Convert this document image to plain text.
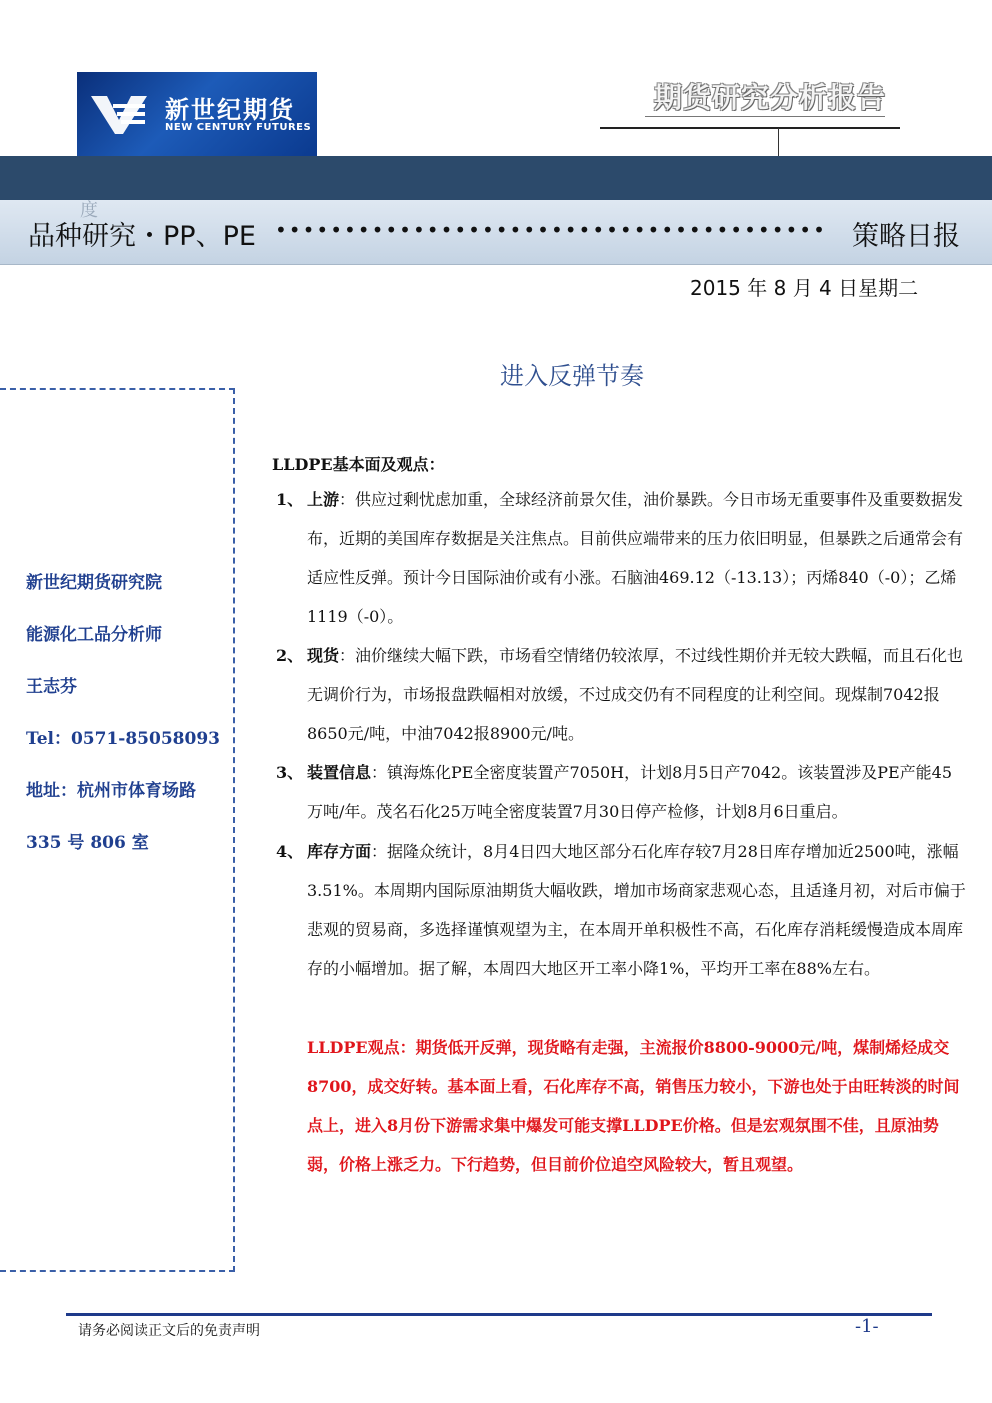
新世纪期货
NEW CENTURY FUTURES
期货研究分析报告
度
品种研究・PP、PE •••••••••••••••••••••••••••••••••••••••• 策略日报
2015 年 8 月 4 日星期二
进入反弹节奏
新世纪期货研究院
能源化工品分析师
王志芬
Tel：0571-85058093
地址：杭州市体育场路
335 号 806 室
LLDPE基本面及观点：
1、 上游：供应过剩忧虑加重，全球经济前景欠佳，油价暴跌。今日市场无重要事件及重要数据发布，近期的美国库存数据是关注焦点。目前供应端带来的压力依旧明显，但暴跌之后通常会有适应性反弹。预计今日国际油价或有小涨。石脑油469.12（-13.13）；丙烯840（-0）；乙烯1119（-0）。
2、 现货：油价继续大幅下跌，市场看空情绪仍较浓厚，不过线性期价并无较大跌幅，而且石化也无调价行为，市场报盘跌幅相对放缓，不过成交仍有不同程度的让利空间。现煤制7042报8650元/吨，中油7042报8900元/吨。
3、 装置信息：镇海炼化PE全密度装置产7050H，计划8月5日产7042。该装置涉及PE产能45万吨/年。茂名石化25万吨全密度装置7月30日停产检修，计划8月6日重启。
4、 库存方面：据隆众统计，8月4日四大地区部分石化库存较7月28日库存增加近2500吨，涨幅3.51%。本周期内国际原油期货大幅收跌，增加市场商家悲观心态，且适逢月初，对后市偏于悲观的贸易商，多选择谨慎观望为主，在本周开单积极性不高，石化库存消耗缓慢造成本周库存的小幅增加。据了解，本周四大地区开工率小降1%，平均开工率在88%左右。
LLDPE观点：期货低开反弹，现货略有走强，主流报价8800-9000元/吨，煤制烯烃成交8700，成交好转。基本面上看，石化库存不高，销售压力较小，下游也处于由旺转淡的时间点上，进入8月份下游需求集中爆发可能支撑LLDPE价格。但是宏观氛围不佳，且原油势弱，价格上涨乏力。下行趋势，但目前价位追空风险较大，暂且观望。
请务必阅读正文后的免责声明	-1-
